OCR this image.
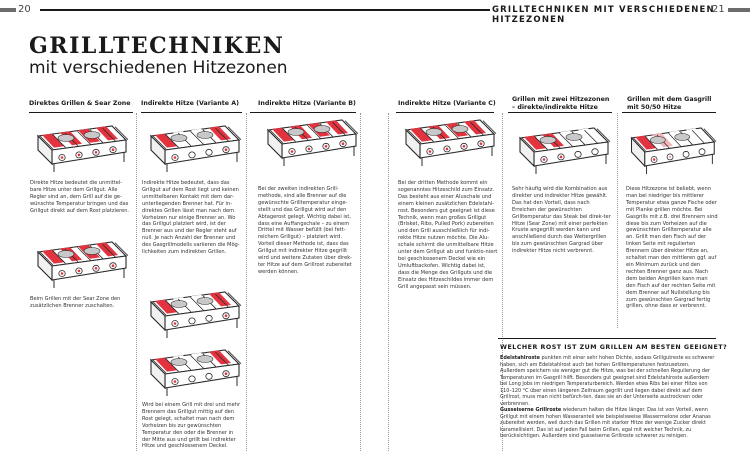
20	GRILLTECHNIKEN MIT VERSCHIEDENEN HITZEZONEN
21
GRILLTECHNIKEN
mit verschiedenen Hitzezonen
Direktes Grillen & Sear Zone	Indirekte Hitze (Variante A)	Indirekte Hitze (Variante B)	Indirekte Hitze (Variante C)
Grillen mit zwei Hitzezonen – direkte/indirekte Hitze
Grillen mit dem Gasgrill mit 50/50 Hitze
Direkte Hitze bedeutet die unmittel-bare Hitze unter dem Grillgut. Alle Regler sind an, dem Grill auf die ge-wünschte Temperatur bringen und das Grillgut direkt auf dem Rost platzieren.
Beim Grillen mit der Sear Zone den zusätzlichen Brenner zuschalten.
Indirekte Hitze bedeutet, dass das Grillgut auf dem Rost liegt und keinen unmittelbaren Kontakt mit dem dar-unterliegenden Brenner hat. Für in-direktes Grillen lässt man nach dem Vorheizen nur einige Brenner an. Wo das Grillgut platziert wird, ist der Brenner aus und der Regler steht auf null. Je nach Anzahl der Brenner und des Gasgrillmodells variieren die Mög-lichkeiten zum indirekten Grillen.
Wird bei einem Grill mit drei und mehr Brennern das Grillgut mittig auf den Rost gelegt, schaltet man nach dem Vorheizen bis zur gewünschten Temperatur den oder die Brenner in der Mitte aus und grillt bei indirekter Hitze und geschlossenem Deckel.
Bei der zweiten indirekten Grill-methode, sind alle Brenner auf die gewünschte Grilltemperatur einge-stellt und das Grillgut wird auf den Abtagerost gelegt. Wichtig dabei ist, dass eine Auffangschale – zu einem Drittel mit Wasser befüllt (bei fett-reichem Grillgut) – platziert wird. Vorteil dieser Methode ist, dass das Grillgut mit indirekter Hitze gegrillt wird und weitere Zutaten über direk-ter Hitze auf dem Grillrost zubereitet werden können.
Bei der dritten Methode kommt ein sogenanntes Hitzeschild zum Einsatz. Das besteht aus einer Aluschale und einem kleinen zusätzlichen Edelstahl-rost. Besonders gut geeignet ist diese Technik, wenn man großes Grillgut (Brisket, Ribs, Pulled Pork) zubereiten und den Grill ausschließlich für indi-rekte Hitze nutzen möchte. Die Alu-schale schirmt die unmittelbare Hitze unter dem Grillgut ab und funktio-niert bei geschlossenem Deckel wie ein Umluftbackofen. Wichtig dabei ist, dass die Menge des Grillguts und die Einsatz des Hitzeschildes immer dem Grill angepasst sein müssen.
Sehr häufig wird die Kombination aus direkter und indirekter Hitze gewählt. Das hat den Vorteil, dass nach Erreichen der gewünschten Grilltemperatur das Steak bei direk-ter Hitze (Sear Zone) mit einer perfekten Kruste angegrillt werden kann und anschließend durch das Weitergrillen bis zum gewünschten Gargrad über indirekter Hitze nicht verbrennt.
Diese Hitzezone ist beliebt, wenn man bei niedriger bis mittlerer Temperatur etwa ganze Fische oder mit Planke grillen möchte. Bei Gasgrills mit z.B. drei Brennern sind diese bis zum Vorheizen auf die gewünschten Grilltemperatur alle an. Grillt man den Fisch auf der linken Seite mit regulierten Brennern über direkter Hitze an, schaltet man den mittleren ggf. auf ein Minimum zurück und den rechten Brenner ganz aus. Nach dem beiden Angrillen kann man den Fisch auf der rechten Seite mit dem Brenner auf Nullstellung bis zum gewünschten Gargrad fertig grillen, ohne dass er verbrennt.
WELCHER ROST IST ZUM GRILLEN AM BESTEN GEEIGNET?
Edelstahlroste punkten mit einer sehr hohen Dichte, sodass Grillgutreste es schwerer haben, sich am Edelstahlrost auch bei hohen Grilltemperaturen festzusetzen. Außerdem speichern sie weniger gut die Hitze, was bei der schnellen Regulierung der Temperaturen im Gasgrill hilft. Besonders gut geeignet sind Edelstahlroste außerdem bei Long Jobs im niedrigen Temperaturbereich. Werden etwa Ribs bei einer Hitze von 110–120 °C über einen längeren Zeitraum gegrillt und liegen dabei direkt auf dem Grillrost, muss man nicht befürch-ten, dass sie an der Unterseite austrocknen oder verbrennen.
Gusseiserne Grillroste wiederum halten die Hitze länger. Das ist von Vorteil, wenn Grillgut mit einem hohen Wasseranteil wie beispielsweise Wassermelone oder Ananas zubereitet werden, weil durch das Grillen mit starker Hitze der wenige Zucker direkt karamellisiert. Das ist auf jeden Fall beim Grillen, egal mit welcher Technik, zu berücksichtigen. Außerdem sind gusseiserne Grillroste schwerer zu reinigen.
